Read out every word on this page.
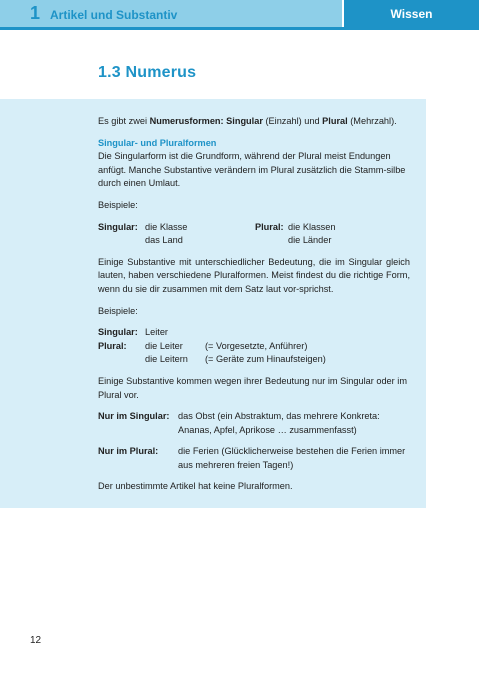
1 Artikel und Substantiv	Wissen
1.3 Numerus

Es gibt zwei Numerusformen: Singular (Einzahl) und Plural (Mehrzahl).

Singular- und Pluralformen

Die Singularform ist die Grundform, während der Plural meist Endungen anfügt. Manche Substantive verändern im Plural zusätzlich die Stamm-silbe durch einen Umlaut.

Beispiele:

Singular: die Klasse	Plural: die Klassen
das Land	die Länder

Einige Substantive mit unterschiedlicher Bedeutung, die im Singular gleich lauten, haben verschiedene Pluralformen. Meist findest du die richtige Form, wenn du sie dir zusammen mit dem Satz laut vor-sprichst.

Beispiele:

Singular: Leiter
Plural:	die Leiter	(= Vorgesetzte, Anführer)
die Leitern	(= Geräte zum Hinaufsteigen)

Einige Substantive kommen wegen ihrer Bedeutung nur im Singular oder im Plural vor.

Nur im Singular: das Obst (ein Abstraktum, das mehrere Konkreta: Ananas, Apfel, Aprikose … zusammenfasst)
Nur im Plural:	die Ferien (Glücklicherweise bestehen die Ferien immer aus mehreren freien Tagen!)

Der unbestimmte Artikel hat keine Pluralformen.

12
